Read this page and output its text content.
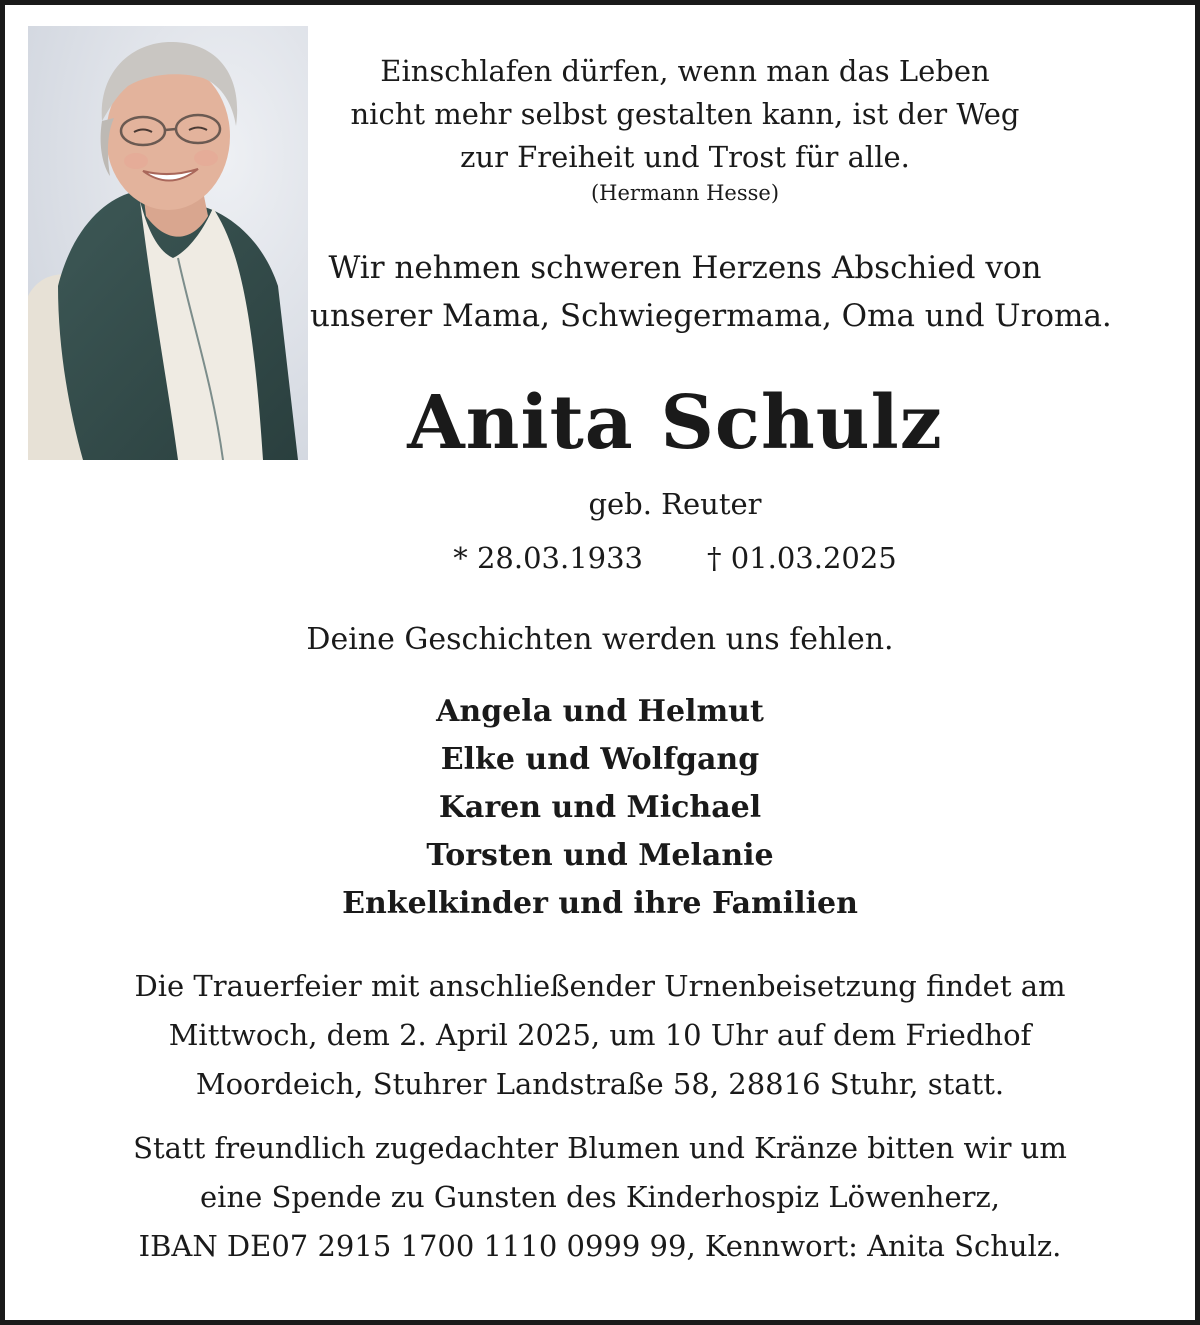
Einschlafen dürfen, wenn man das Leben
nicht mehr selbst gestalten kann, ist der Weg
zur Freiheit und Trost für alle.
(Hermann Hesse)
Wir nehmen schweren Herzens Abschied von
unserer Mama, Schwiegermama, Oma und Uroma.
Anita Schulz
geb. Reuter
* 28.03.1933 † 01.03.2025
Deine Geschichten werden uns fehlen.
Angela und Helmut
Elke und Wolfgang
Karen und Michael
Torsten und Melanie
Enkelkinder und ihre Familien
Die Trauerfeier mit anschließender Urnenbeisetzung findet am
Mittwoch, dem 2. April 2025, um 10 Uhr auf dem Friedhof
Moordeich, Stuhrer Landstraße 58, 28816 Stuhr, statt.
Statt freundlich zugedachter Blumen und Kränze bitten wir um
eine Spende zu Gunsten des Kinderhospiz Löwenherz,
IBAN DE07 2915 1700 1110 0999 99, Kennwort: Anita Schulz.
